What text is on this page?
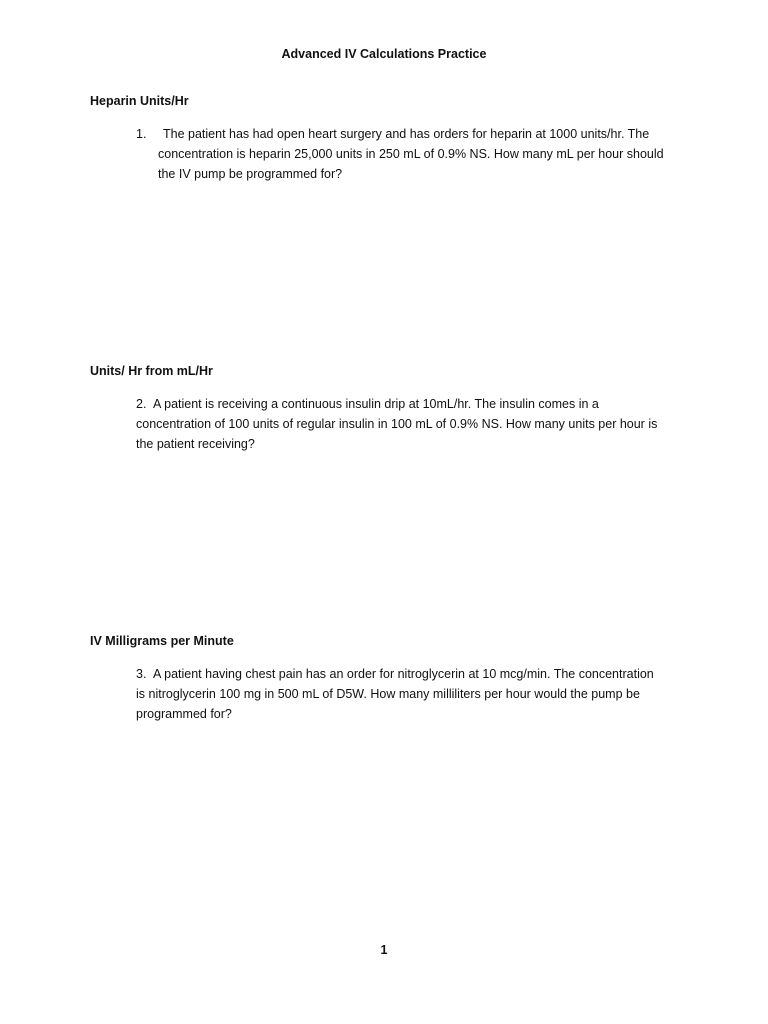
Advanced IV Calculations Practice
Heparin Units/Hr
1. The patient has had open heart surgery and has orders for heparin at 1000 units/hr. The
concentration is heparin 25,000 units in 250 mL of 0.9% NS. How many mL per hour should
the IV pump be programmed for?
Units/ Hr from mL/Hr
2. A patient is receiving a continuous insulin drip at 10mL/hr. The insulin comes in a
concentration of 100 units of regular insulin in 100 mL of 0.9% NS. How many units per hour is
the patient receiving?
IV Milligrams per Minute
3. A patient having chest pain has an order for nitroglycerin at 10 mcg/min. The concentration
is nitroglycerin 100 mg in 500 mL of D5W. How many milliliters per hour would the pump be
programmed for?
1
